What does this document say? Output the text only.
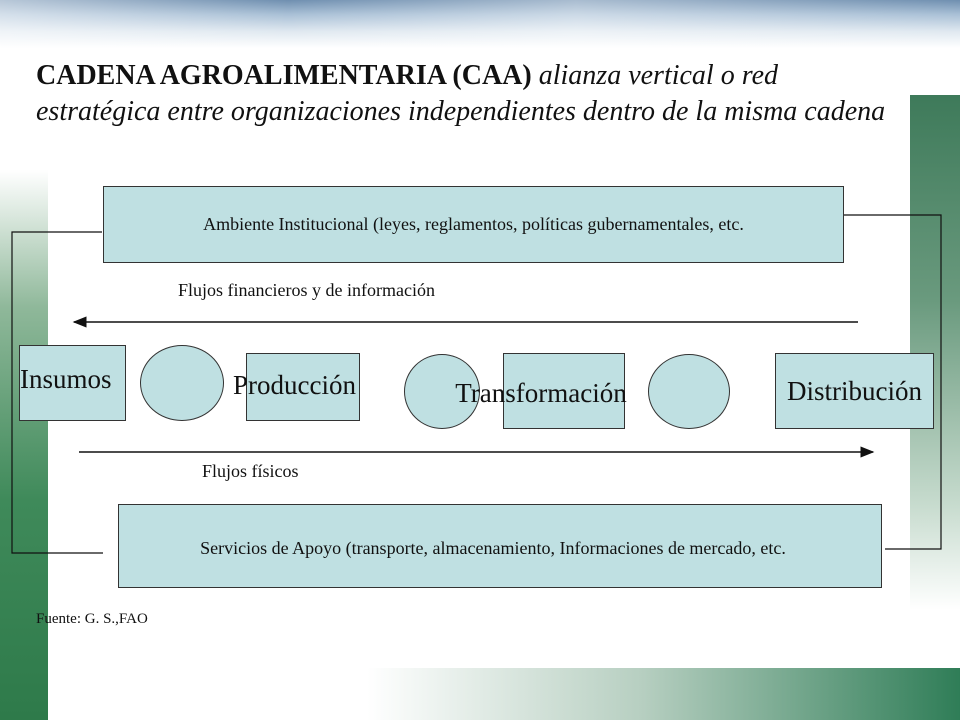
CADENA AGROALIMENTARIA (CAA) alianza vertical o red estratégica entre organizaciones independientes dentro de la misma cadena
Ambiente Institucional (leyes, reglamentos, políticas gubernamentales, etc.
Flujos financieros y de información
Insumos	Producción	Transformación	Distribución
Flujos físicos
Servicios de Apoyo (transporte, almacenamiento, Informaciones de mercado, etc.
Fuente: G. S.,FAO
